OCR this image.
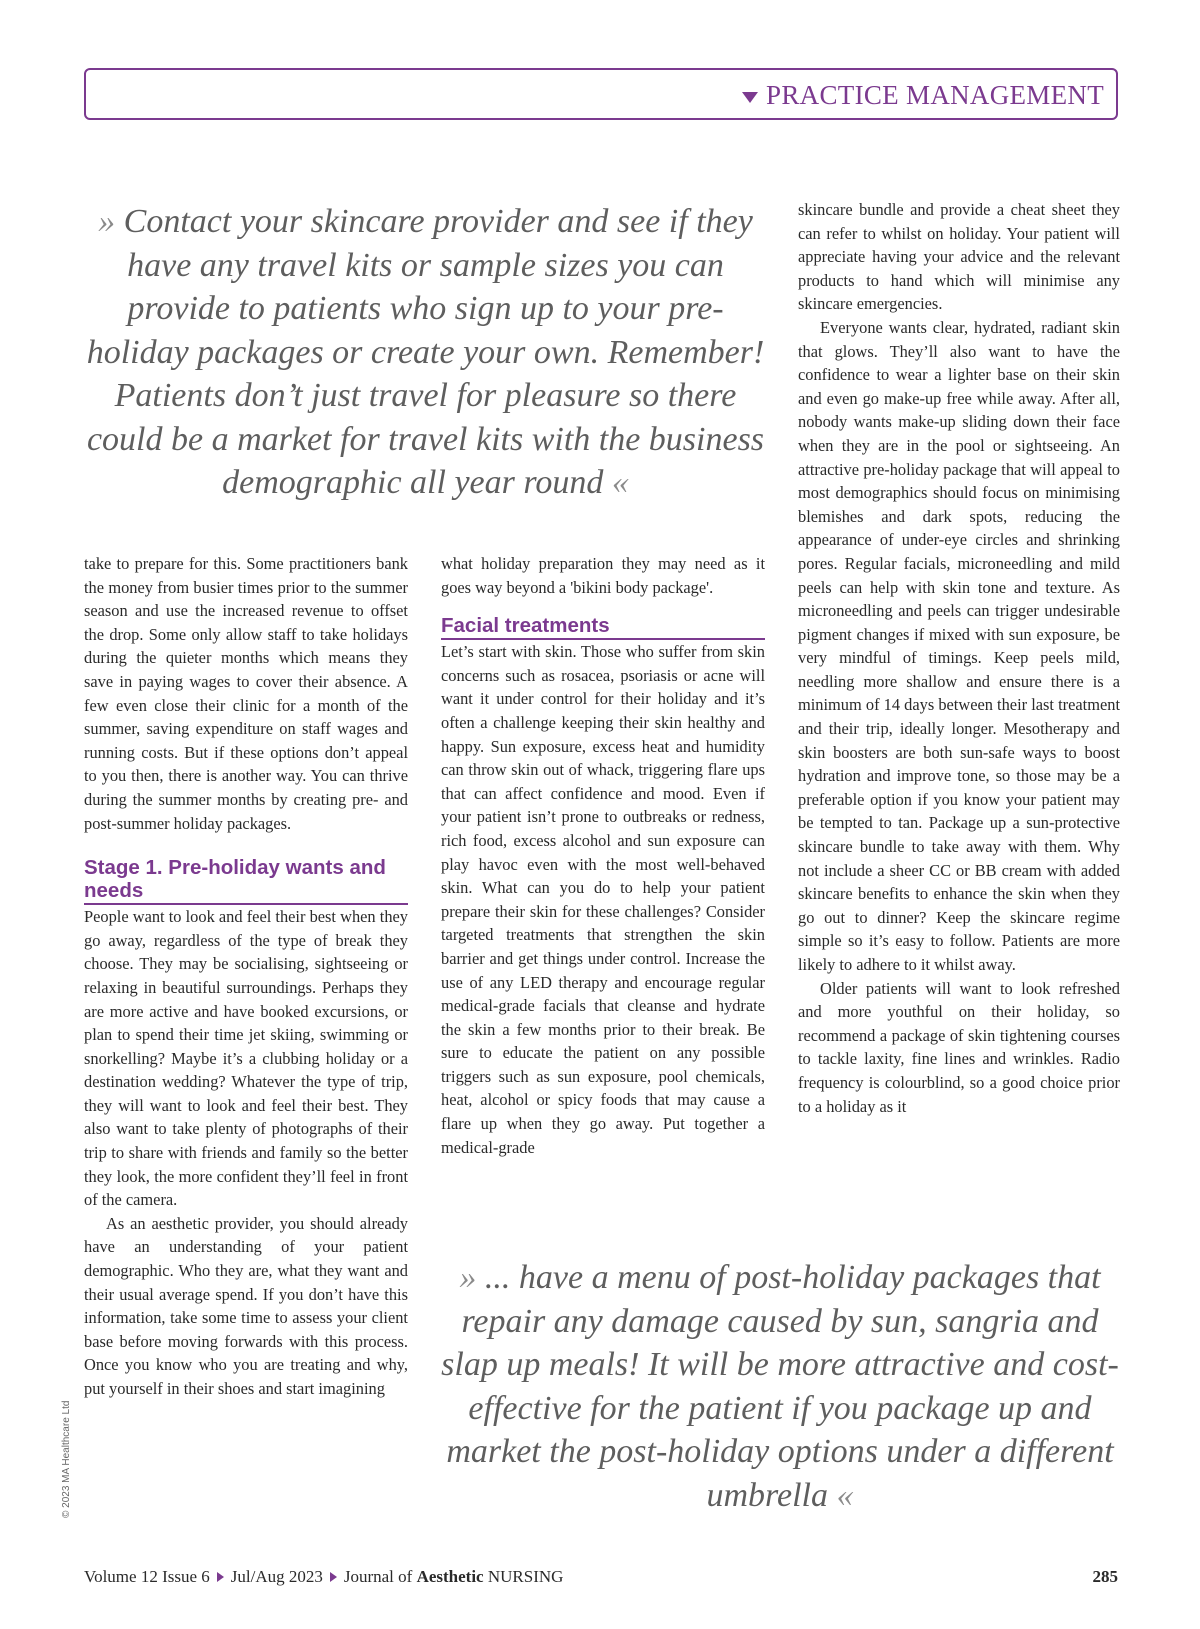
PRACTICE MANAGEMENT
» Contact your skincare provider and see if they have any travel kits or sample sizes you can provide to patients who sign up to your pre-holiday packages or create your own. Remember! Patients don’t just travel for pleasure so there could be a market for travel kits with the business demographic all year round «

take to prepare for this. Some practitioners bank the money from busier times prior to the summer season and use the increased revenue to offset the drop. Some only allow staff to take holidays during the quieter months which means they save in paying wages to cover their absence. A few even close their clinic for a month of the summer, saving expenditure on staff wages and running costs. But if these options don’t appeal to you then, there is another way. You can thrive during the summer months by creating pre- and post-summer holiday packages.

Stage 1. Pre-holiday wants and needs

People want to look and feel their best when they go away, regardless of the type of break they choose. They may be socialising, sightseeing or relaxing in beautiful surroundings. Perhaps they are more active and have booked excursions, or plan to spend their time jet skiing, swimming or snorkelling? Maybe it’s a clubbing holiday or a destination wedding? Whatever the type of trip, they will want to look and feel their best. They also want to take plenty of photographs of their trip to share with friends and family so the better they look, the more confident they’ll feel in front of the camera.

As an aesthetic provider, you should already have an understanding of your patient demographic. Who they are, what they want and their usual average spend. If you don’t have this information, take some time to assess your client base before moving forwards with this process. Once you know who you are treating and why, put yourself in their shoes and start imagining

what holiday preparation they may need as it goes way beyond a 'bikini body package'.

Facial treatments

Let’s start with skin. Those who suffer from skin concerns such as rosacea, psoriasis or acne will want it under control for their holiday and it’s often a challenge keeping their skin healthy and happy. Sun exposure, excess heat and humidity can throw skin out of whack, triggering flare ups that can affect confidence and mood. Even if your patient isn’t prone to outbreaks or redness, rich food, excess alcohol and sun exposure can play havoc even with the most well-behaved skin. What can you do to help your patient prepare their skin for these challenges? Consider targeted treatments that strengthen the skin barrier and get things under control. Increase the use of any LED therapy and encourage regular medical-grade facials that cleanse and hydrate the skin a few months prior to their break. Be sure to educate the patient on any possible triggers such as sun exposure, pool chemicals, heat, alcohol or spicy foods that may cause a flare up when they go away. Put together a medical-grade

skincare bundle and provide a cheat sheet they can refer to whilst on holiday. Your patient will appreciate having your advice and the relevant products to hand which will minimise any skincare emergencies.

Everyone wants clear, hydrated, radiant skin that glows. They’ll also want to have the confidence to wear a lighter base on their skin and even go make-up free while away. After all, nobody wants make-up sliding down their face when they are in the pool or sightseeing. An attractive pre-holiday package that will appeal to most demographics should focus on minimising blemishes and dark spots, reducing the appearance of under-eye circles and shrinking pores. Regular facials, microneedling and mild peels can help with skin tone and texture. As microneedling and peels can trigger undesirable pigment changes if mixed with sun exposure, be very mindful of timings. Keep peels mild, needling more shallow and ensure there is a minimum of 14 days between their last treatment and their trip, ideally longer. Mesotherapy and skin boosters are both sun-safe ways to boost hydration and improve tone, so those may be a preferable option if you know your patient may be tempted to tan. Package up a sun-protective skincare bundle to take away with them. Why not include a sheer CC or BB cream with added skincare benefits to enhance the skin when they go out to dinner? Keep the skincare regime simple so it’s easy to follow. Patients are more likely to adhere to it whilst away.

Older patients will want to look refreshed and more youthful on their holiday, so recommend a package of skin tightening courses to tackle laxity, fine lines and wrinkles. Radio frequency is colourblind, so a good choice prior to a holiday as it

» ... have a menu of post-holiday packages that repair any damage caused by sun, sangria and slap up meals! It will be more attractive and cost-effective for the patient if you package up and market the post-holiday options under a different umbrella «
© 2023 MA Healthcare Ltd
Volume 12 Issue 6 Jul/Aug 2023 Journal of
Aesthetic
NURSING	285
